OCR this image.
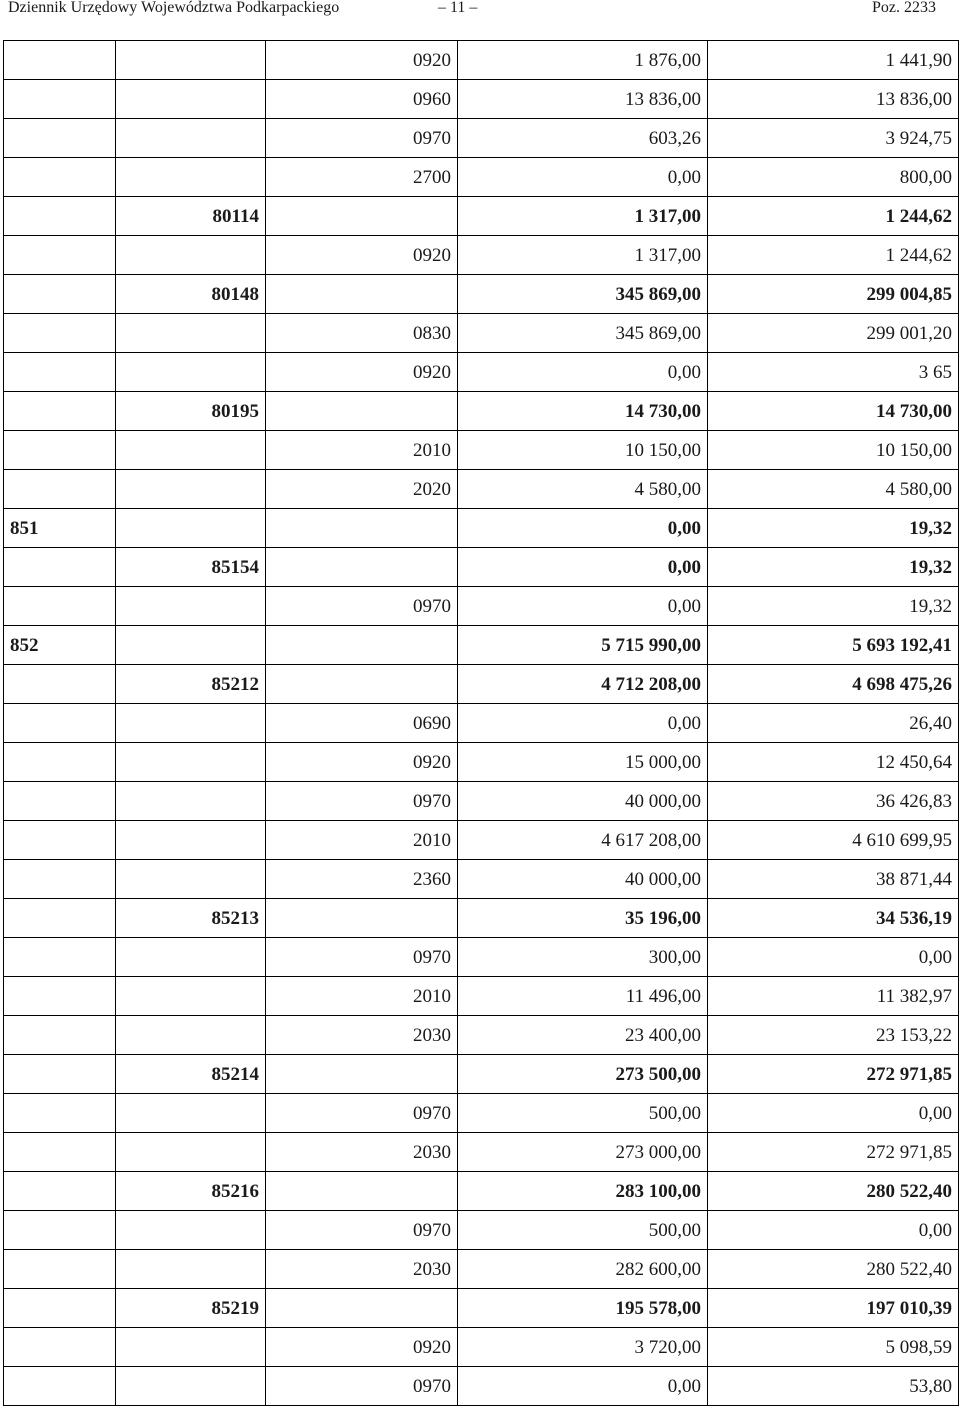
Dziennik Urzędowy Województwa Podkarpackiego	– 11 –	Poz. 2233
		0920	1 876,00	1 441,90
		0960	13 836,00	13 836,00
		0970	603,26	3 924,75
		2700	0,00	800,00
	80114		1 317,00	1 244,62
		0920	1 317,00	1 244,62
	80148		345 869,00	299 004,85
		0830	345 869,00	299 001,20
		0920	0,00	3 65
	80195		14 730,00	14 730,00
		2010	10 150,00	10 150,00
		2020	4 580,00	4 580,00
851			0,00	19,32
	85154		0,00	19,32
		0970	0,00	19,32
852			5 715 990,00	5 693 192,41
	85212		4 712 208,00	4 698 475,26
		0690	0,00	26,40
		0920	15 000,00	12 450,64
		0970	40 000,00	36 426,83
		2010	4 617 208,00	4 610 699,95
		2360	40 000,00	38 871,44
	85213		35 196,00	34 536,19
		0970	300,00	0,00
		2010	11 496,00	11 382,97
		2030	23 400,00	23 153,22
	85214		273 500,00	272 971,85
		0970	500,00	0,00
		2030	273 000,00	272 971,85
	85216		283 100,00	280 522,40
		0970	500,00	0,00
		2030	282 600,00	280 522,40
	85219		195 578,00	197 010,39
		0920	3 720,00	5 098,59
		0970	0,00	53,80
